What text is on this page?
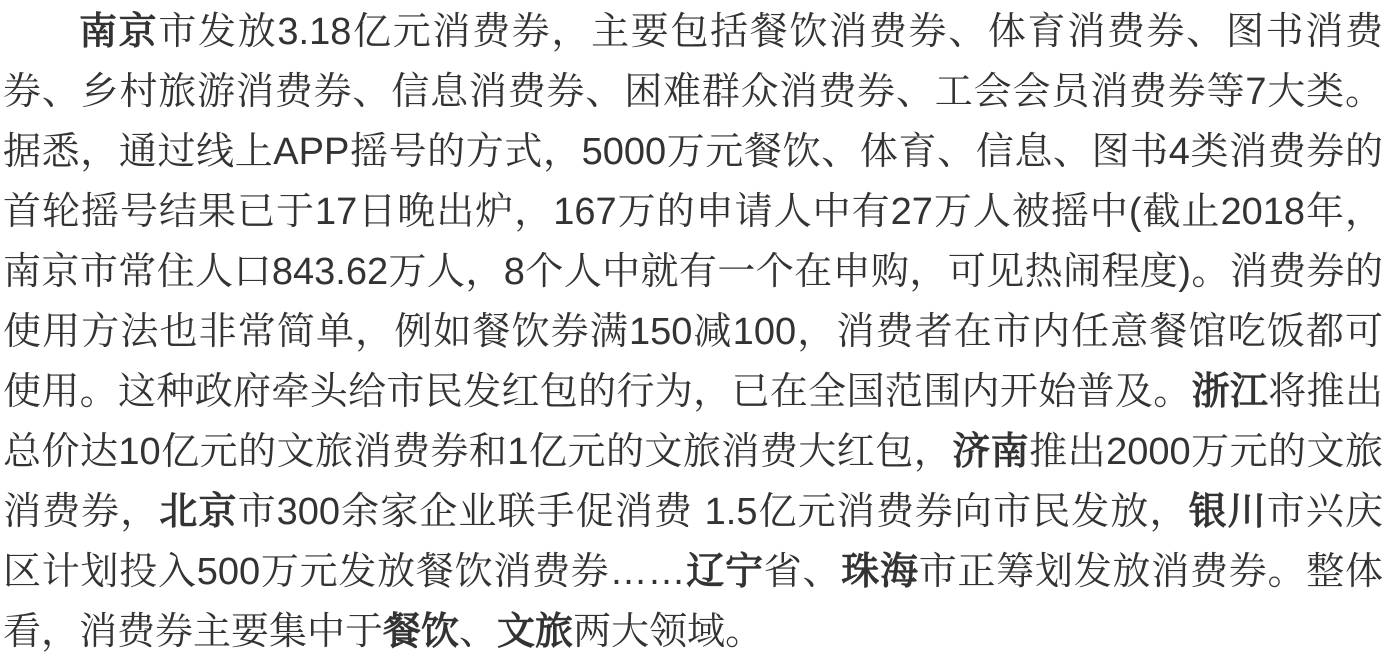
南京市发放3.18亿元消费券，主要包括餐饮消费券、体育消费券、图书消费券、乡村旅游消费券、信息消费券、困难群众消费券、工会会员消费券等7大类。据悉，通过线上APP摇号的方式，5000万元餐饮、体育、信息、图书4类消费券的首轮摇号结果已于17日晚出炉，167万的申请人中有27万人被摇中(截止2018年，南京市常住人口843.62万人，8个人中就有一个在申购，可见热闹程度)。消费券的使用方法也非常简单，例如餐饮券满150减100，消费者在市内任意餐馆吃饭都可使用。这种政府牵头给市民发红包的行为，已在全国范围内开始普及。浙江将推出总价达10亿元的文旅消费券和1亿元的文旅消费大红包，济南推出2000万元的文旅消费券，北京市300余家企业联手促消费 1.5亿元消费券向市民发放，银川市兴庆区计划投入500万元发放餐饮消费券……辽宁省、珠海市正筹划发放消费券。整体看，消费券主要集中于餐饮、文旅两大领域。
